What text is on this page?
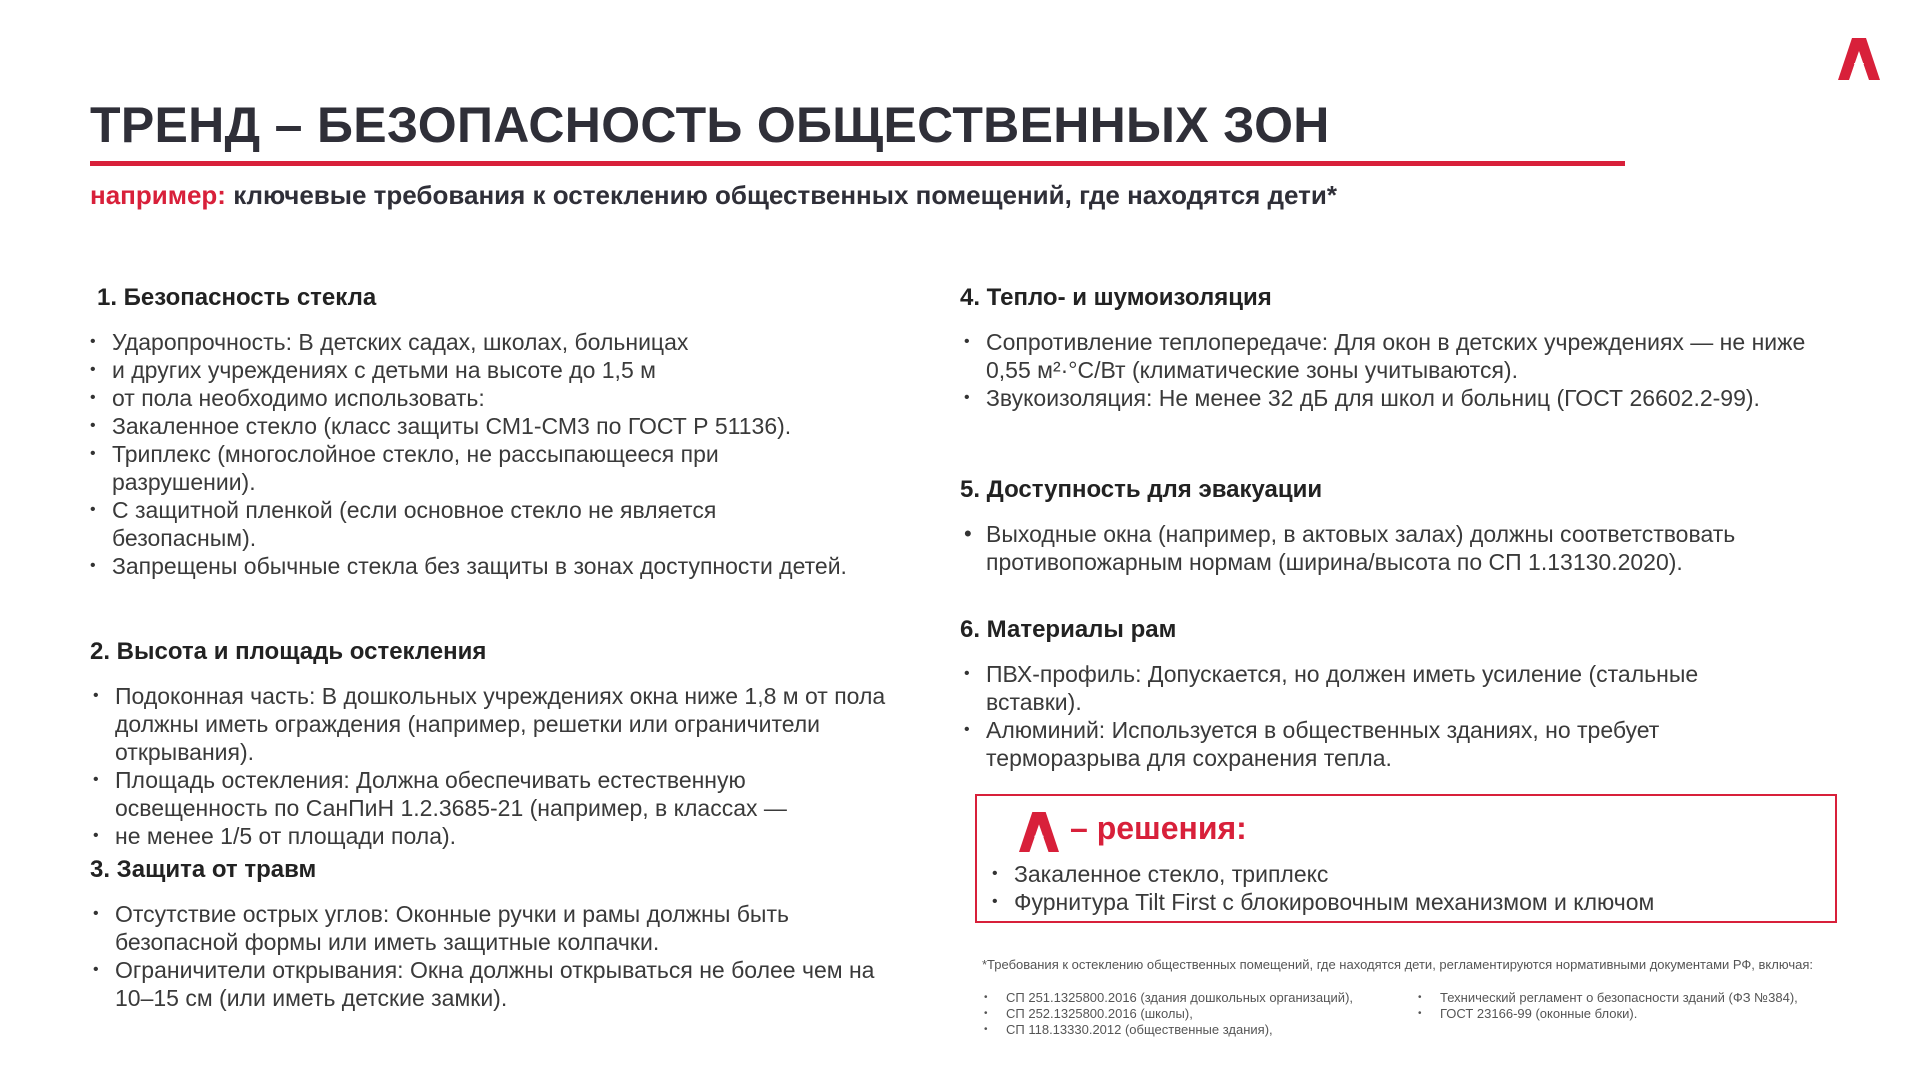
ТРЕНД – БЕЗОПАСНОСТЬ ОБЩЕСТВЕННЫХ ЗОН

например: ключевые требования к остеклению общественных помещений, где находятся дети*

1. Безопасность стекла
• Ударопрочность: В детских садах, школах, больницах
• и других учреждениях с детьми на высоте до 1,5 м
• от пола необходимо использовать:
• Закаленное стекло (класс защиты СМ1-СМ3 по ГОСТ Р 51136).
• Триплекс (многослойное стекло, не рассыпающееся при разрушении).
• С защитной пленкой (если основное стекло не является безопасным).
• Запрещены обычные стекла без защиты в зонах доступности детей.
2. Высота и площадь остекления
• Подоконная часть: В дошкольных учреждениях окна ниже 1,8 м от пола должны иметь ограждения (например, решетки или ограничители открывания).
• Площадь остекления: Должна обеспечивать естественную освещенность по СанПиН 1.2.3685-21 (например, в классах —
• не менее 1/5 от площади пола).
3. Защита от травм
• Отсутствие острых углов: Оконные ручки и рамы должны быть безопасной формы или иметь защитные колпачки.
• Ограничители открывания: Окна должны открываться не более чем на 10–15 см (или иметь детские замки).
4. Тепло- и шумоизоляция
• Сопротивление теплопередаче: Для окон в детских учреждениях — не ниже 0,55 м²·°С/Вт (климатические зоны учитываются).
• Звукоизоляция: Не менее 32 дБ для школ и больниц (ГОСТ 26602.2-99).
5. Доступность для эвакуации
• Выходные окна (например, в актовых залах) должны соответствовать противопожарным нормам (ширина/высота по СП 1.13130.2020).
6. Материалы рам
• ПВХ-профиль: Допускается, но должен иметь усиление (стальные вставки).
• Алюминий: Используется в общественных зданиях, но требует терморазрыва для сохранения тепла.
– решения:
• Закаленное стекло, триплекс
• Фурнитура Tilt First с блокировочным механизмом и ключом
*Требования к остеклению общественных помещений, где находятся дети, регламентируются нормативными документами РФ, включая:
• СП 251.1325800.2016 (здания дошкольных организаций),
• СП 252.1325800.2016 (школы),
• СП 118.13330.2012 (общественные здания),
• Технический регламент о безопасности зданий (ФЗ №384),
• ГОСТ 23166-99 (оконные блоки).
